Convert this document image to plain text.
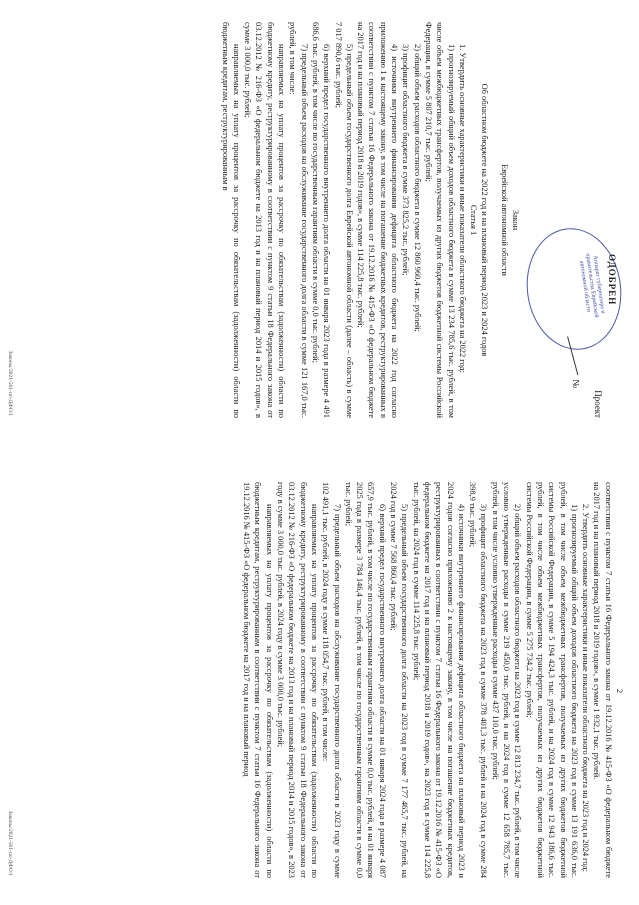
Аппарат губернатора и правительства Еврейской автономной области	ОДОБРЕН
Проект
№

Закон

Еврейской автономной области

Об областном бюджете на 2022 год и на плановый период 2023 и 2024 годов

Статья 1

1. Утвердить основные характеристики и иные показатели областного бюджета на 2022 год:

1) прогнозируемый общий объем доходов областного бюджета в сумме 13 234 785,6 тыс. рублей, в том числе объем межбюджетных трансфертов, получаемых из других бюджетов бюджетной системы Российской Федерации, в сумме 5 807 210,7 тыс. рублей;

2) общий объем расходов областного бюджета в сумме 12 860 960,4 тыс. рублей;

3) профицит областного бюджета в сумме 373 825,2 тыс. рублей;

4) источники внутреннего финансирования дефицита областного бюджета на 2022 год согласно приложению 1 к настоящему закону, в том числе на погашение бюджетных кредитов, реструктурированных в соответствии с пунктом 7 статьи 16 Федерального закона от 19.12.2016 № 415-ФЗ «О федеральном бюджете на 2017 год и на плановый период 2018 и 2019 годов», в сумме 114 225,8 тыс. рублей;

5) предельный объем государственного долга Еврейской автономной области (далее – область) в сумме 7 017 890,6 тыс. рублей;

6) верхний предел государственного внутреннего долга области на 01 января 2023 года в размере 4 491 686,6 тыс. рублей, в том числе по государственным гарантиям области в сумме 0,0 тыс. рублей;

7) предельный объем расходов на обслуживание государственного долга области в сумме 121 167,0 тыс. рублей, в том числе:

направляемых на уплату процентов за рассрочку по обязательствам (задолженности) области по бюджетному кредиту, реструктурированному в соответствии с пунктом 9 статьи 18 Федерального закона от 03.12.2012 № 216-ФЗ «О федеральном бюджете на 2013 год и на плановый период 2014 и 2015 годов», в сумме 3 000,0 тыс. рублей;

направляемых на уплату процентов за рассрочку по обязательствам (задолженности) области по бюджетным кредитам, реструктурированным в

Законы/2021-561-пп-ДФО/1

2

соответствии с пунктом 7 статьи 16 Федерального закона от 19.12.2016 № 415-ФЗ «О федеральном бюджете на 2017 год и на плановый период 2018 и 2019 годов», в сумме 1 932,1 тыс. рублей.

2. Утвердить основные характеристики и иные показатели областного бюджета на 2023 год и 2024 год:

1) прогнозируемый общий объем доходов областного бюджета на 2023 год в сумме 13 191 636,0 тыс. рублей, в том числе объем межбюджетных трансфертов, получаемых из других бюджетов бюджетной системы Российской Федерации, в сумме 5 194 424,3 тыс. рублей, и на 2024 год в сумме 12 943 186,6 тыс. рублей, в том числе объем межбюджетных трансфертов, получаемых из других бюджетов бюджетной системы Российской Федерации, в сумме 5 275 734,2 тыс. рублей;

2) общий объем расходов областного бюджета на 2023 год в сумме 12 813 234,7 тыс. рублей, в том числе условно утвержденные расходы в сумме 219 450,0 тыс. рублей, и на 2024 год в сумме 12 658 785,7 тыс. рублей, в том числе условно утвержденные расходы в сумме 437 110,0 тыс. рублей;

3) профицит областного бюджета на 2023 год в сумме 378 401,3 тыс. рублей и на 2024 год в сумме 284 398,9 тыс. рублей;

4) источники внутреннего финансирования дефицита областного бюджета на плановый период 2023 и 2024 годов согласно приложению 2 к настоящему закону, в том числе на погашение бюджетных кредитов, реструктурированных в соответствии с пунктом 7 статьи 16 Федерального закона от 19.12.2016 № 415-ФЗ «О федеральном бюджете на 2017 год и на плановый период 2018 и 2019 годов», на 2023 год в сумме 114 225,8 тыс. рублей, на 2024 год в сумме 114 225,8 тыс. рублей;

5) предельный объем государственного долга области на 2023 год в сумме 7 177 465,7 тыс. рублей, на 2024 год в сумме 7 568 860,4 тыс. рублей;

6) верхний предел государственного внутреннего долга области на 01 января 2024 года в размере 4 087 657,9 тыс. рублей, в том числе по государственным гарантиям области в сумме 0,0 тыс. рублей, и на 01 января 2025 года в размере 3 784 146,4 тыс. рублей, в том числе по государственным гарантиям области в сумме 0,0 тыс. рублей;

7) предельный объем расходов на обслуживание государственного долга области в 2023 году в сумме 102 491,1 тыс. рублей, в 2024 году в сумме 118 054,7 тыс. рублей, в том числе:

направляемых на уплату процентов за рассрочку по обязательствам (задолженности) области по бюджетному кредиту, реструктурированному в соответствии с пунктом 9 статьи 18 Федерального закона от 03.12.2012 № 216-ФЗ «О федеральном бюджете на 2013 год и на плановый период 2014 и 2015 годов», в 2023 году в сумме 3 000,0 тыс. рублей, в 2024 году в сумме 3 000,0 тыс. рублей;

направляемых на уплату процентов за рассрочку по обязательствам (задолженности) области по бюджетным кредитам, реструктурированным в соответствии с пунктом 7 статьи 16 Федерального закона от 19.12.2016 № 415-ФЗ «О федеральном бюджете на 2017 год и на плановый период

Законы/2021-561-пп-ДФО/1
